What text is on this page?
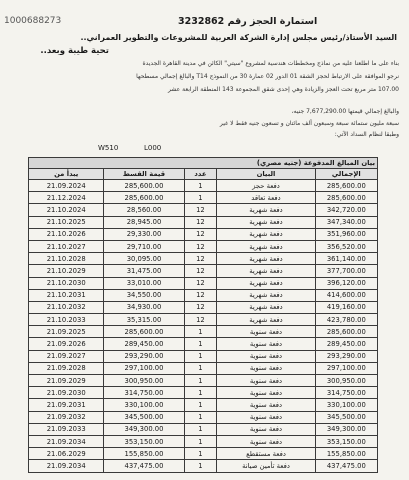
1000688273	استمارة الحجز رقم 3232862
السيد الأستاذ/رئيس مجلس إدارة الشركة العربية للمشروعات والتطوير العمراني..
تحية طيبة وبعد..
بناء على ما اطلعنا عليه من نماذج ومخططات هندسية لمشروع "سيتي" الكائن في مدينة القاهرة الجديدة
نرجو الموافقة على الارتباط لحجز الشقة 01 الدور 02 عمارة 30 من النموذج T14 والبالغ إجمالي مسطحها
107.00 متر مربع تحت العجز والزيادة وهي إحدى شقق المجموعة 143 المنطقة الرابعة عشر
والبالغ إجمالي قيمتها 7,677,290.00 جنيه،
سبعة مليون ستمائة سبعة وسبعون ألف مائتان و تسعون جنيه فقط لا غير
وطبقا لنظام السداد الآتي:
W510	L000
بيان المبالغ المدفوعة (جنيه مصري)				
يبدأ من	قيمة القسط	عدد	البيان	الإجمالي
21.09.2024	285,600.00	1	دفعة حجز	285,600.00
21.12.2024	285,600.00	1	دفعة تعاقد	285,600.00
21.10.2024	28,560.00	12	دفعة شهرية	342,720.00
21.10.2025	28,945.00	12	دفعة شهرية	347,340.00
21.10.2026	29,330.00	12	دفعة شهرية	351,960.00
21.10.2027	29,710.00	12	دفعة شهرية	356,520.00
21.10.2028	30,095.00	12	دفعة شهرية	361,140.00
21.10.2029	31,475.00	12	دفعة شهرية	377,700.00
21.10.2030	33,010.00	12	دفعة شهرية	396,120.00
21.10.2031	34,550.00	12	دفعة شهرية	414,600.00
21.10.2032	34,930.00	12	دفعة شهرية	419,160.00
21.10.2033	35,315.00	12	دفعة شهرية	423,780.00
21.09.2025	285,600.00	1	دفعة سنوية	285,600.00
21.09.2026	289,450.00	1	دفعة سنوية	289,450.00
21.09.2027	293,290.00	1	دفعة سنوية	293,290.00
21.09.2028	297,100.00	1	دفعة سنوية	297,100.00
21.09.2029	300,950.00	1	دفعة سنوية	300,950.00
21.09.2030	314,750.00	1	دفعة سنوية	314,750.00
21.09.2031	330,100.00	1	دفعة سنوية	330,100.00
21.09.2032	345,500.00	1	دفعة سنوية	345,500.00
21.09.2033	349,300.00	1	دفعة سنوية	349,300.00
21.09.2034	353,150.00	1	دفعة سنوية	353,150.00
21.06.2029	155,850.00	1	دفعة مستقطع	155,850.00
21.09.2034	437,475.00	1	دفعة تأمين صيانة	437,475.00
